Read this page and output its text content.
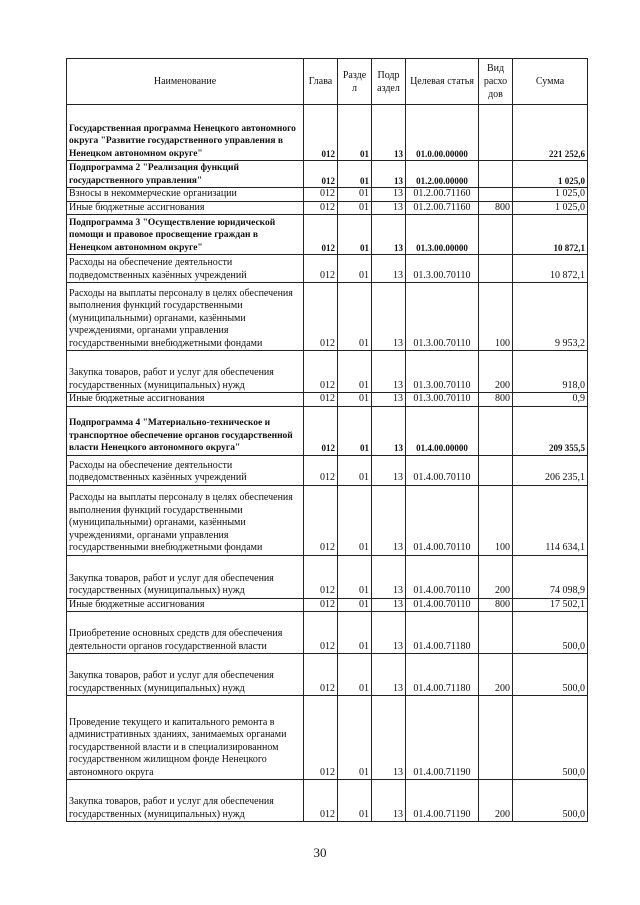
Наименование	Глава	Разде л	Подр аздел	Целевая статья	Вид расхо дов	Сумма
Государственная программа Ненецкого автономного округа "Развитие государственного управления в Ненецком автономном округе"	012	01	13	01.0.00.00000		221 252,6
Подпрограмма 2 "Реализация функций государственного управления"	012	01	13	01.2.00.00000		1 025,0
Взносы в некоммерческие организации	012	01	13	01.2.00.71160		1 025,0
Иные бюджетные ассигнования	012	01	13	01.2.00.71160	800	1 025,0
Подпрограмма 3 "Осуществление юридической помощи и правовое просвещение граждан в Ненецком автономном округе"	012	01	13	01.3.00.00000		10 872,1
Расходы на обеспечение деятельности подведомственных казённых учреждений	012	01	13	01.3.00.70110		10 872,1
Расходы на выплаты персоналу в целях обеспечения выполнения функций государственными (муниципальными) органами, казёнными учреждениями, органами управления государственными внебюджетными фондами	012	01	13	01.3.00.70110	100	9 953,2
Закупка товаров, работ и услуг для обеспечения государственных (муниципальных) нужд	012	01	13	01.3.00.70110	200	918,0
Иные бюджетные ассигнования	012	01	13	01.3.00.70110	800	0,9
Подпрограмма 4 "Материально-техническое и транспортное обеспечение органов государственной власти Ненецкого автономного округа"	012	01	13	01.4.00.00000		209 355,5
Расходы на обеспечение деятельности подведомственных казённых учреждений	012	01	13	01.4.00.70110		206 235,1
Расходы на выплаты персоналу в целях обеспечения выполнения функций государственными (муниципальными) органами, казёнными учреждениями, органами управления государственными внебюджетными фондами	012	01	13	01.4.00.70110	100	114 634,1
Закупка товаров, работ и услуг для обеспечения государственных (муниципальных) нужд	012	01	13	01.4.00.70110	200	74 098,9
Иные бюджетные ассигнования	012	01	13	01.4.00.70110	800	17 502,1
Приобретение основных средств для обеспечения деятельности органов государственной власти	012	01	13	01.4.00.71180		500,0
Закупка товаров, работ и услуг для обеспечения государственных (муниципальных) нужд	012	01	13	01.4.00.71180	200	500,0
Проведение текущего и капитального ремонта в административных зданиях, занимаемых органами государственной власти и в специализированном государственном жилищном фонде Ненецкого автономного округа	012	01	13	01.4.00.71190		500,0
Закупка товаров, работ и услуг для обеспечения государственных (муниципальных) нужд	012	01	13	01.4.00.71190	200	500,0
30
